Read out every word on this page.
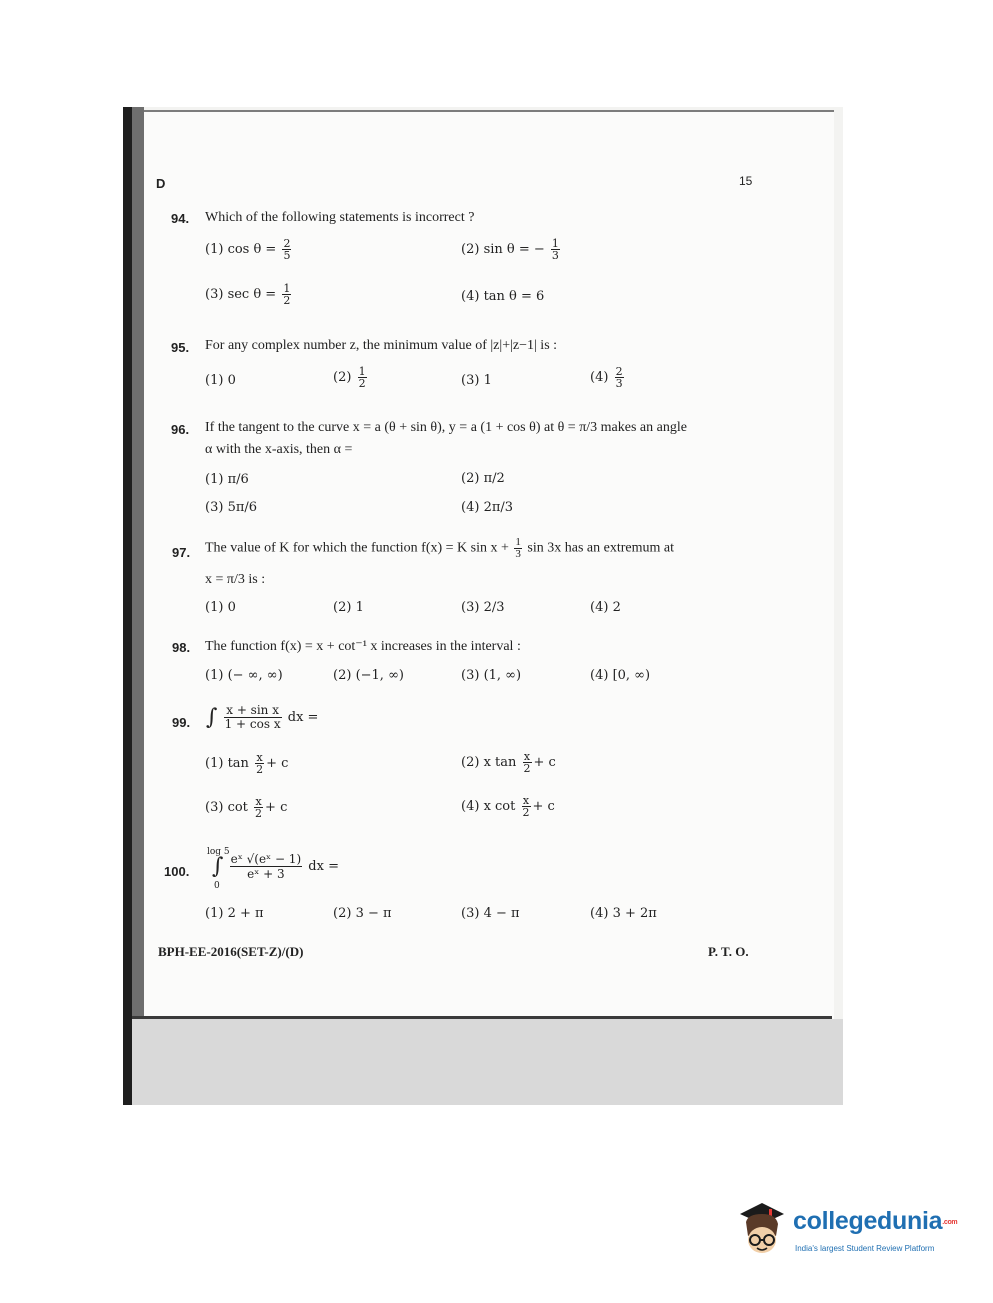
D	15
94. Which of the following statements is incorrect ?
(1) $\cos \theta = \frac{2}{5}$	(2) sin θ = − $\frac{1}{3}$
(3) $\sec \theta = \frac{1}{2}$	(4) tan θ = 6
95. For any complex number z, the minimum value of |z|+|z−1| is :
(1) 0	$(2) \frac{1}{2}$	(3) 1	$(4) \frac{2}{3}$
96. If the tangent to the curve x = a (θ + sin θ), y = a (1 + cos θ) at θ = π/3 makes an angle
α with the x-axis, then α =
(1) π/6	(2) π/2
(3) 5π/6	(4) 2π/3
97. The value of K for which the function f(x) = K $\sin x + \frac{1}{3}$ sin 3x has an extremum at
x = π/3 is :
(1) 0	(2) 1	(3) 2/3	(4) 2
98. The function f(x) = x + cot⁻¹ x increases in the interval :
(1) (− ∞, ∞)	(2) (−1, ∞)	(3) (1, ∞)	(4) [0, ∞)
99. ∫ $\frac{\text{x + sin x}}{\text{1 + cos x}}$ dx =
(1) $\tan \frac{x}{2} + c$	(2) x $\tan \frac{x}{2} + c$
(3) $\cot \frac{x}{2} + c$	(4) x $\cot \frac{x}{2} + c$
100.
log 5
0
∫ $\frac{\text{eˣ √(eˣ − 1)}}{\text{eˣ + 3}}$ dx =
(1) 2 + π	(2) 3 − π	(3) 4 − π	(4) 3 + 2π
BPH-EE-2016(SET-Z)/(D)	P. T. O.
collegedunia.com
India's largest Student Review Platform
